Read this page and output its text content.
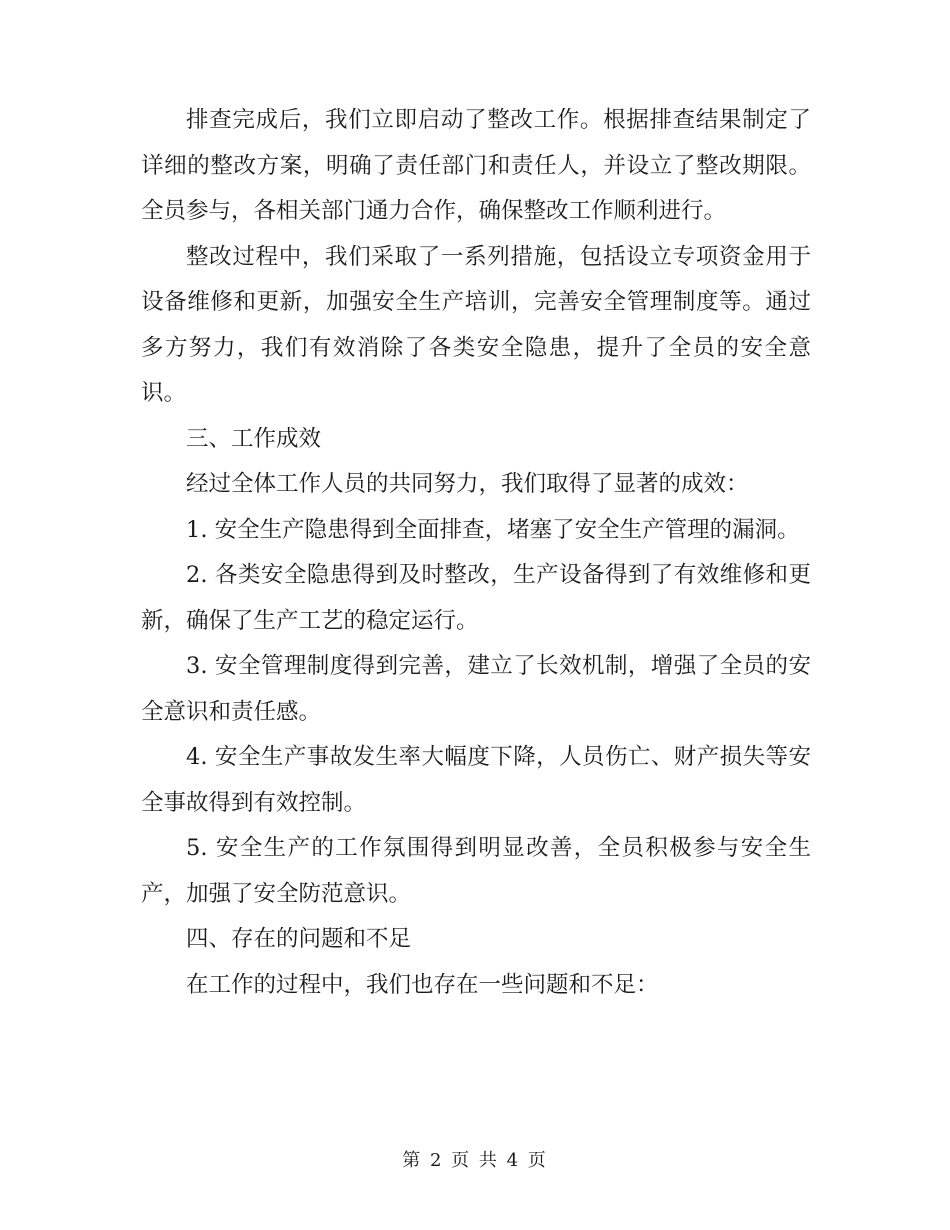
排查完成后，我们立即启动了整改工作。根据排查结果制定了详细的整改方案，明确了责任部门和责任人，并设立了整改期限。全员参与，各相关部门通力合作，确保整改工作顺利进行。

整改过程中，我们采取了一系列措施，包括设立专项资金用于设备维修和更新，加强安全生产培训，完善安全管理制度等。通过多方努力，我们有效消除了各类安全隐患，提升了全员的安全意识。

三、工作成效

经过全体工作人员的共同努力，我们取得了显著的成效：

1. 安全生产隐患得到全面排查，堵塞了安全生产管理的漏洞。

2. 各类安全隐患得到及时整改，生产设备得到了有效维修和更新，确保了生产工艺的稳定运行。

3. 安全管理制度得到完善，建立了长效机制，增强了全员的安全意识和责任感。

4. 安全生产事故发生率大幅度下降，人员伤亡、财产损失等安全事故得到有效控制。

5. 安全生产的工作氛围得到明显改善，全员积极参与安全生产，加强了安全防范意识。

四、存在的问题和不足

在工作的过程中，我们也存在一些问题和不足：

第 2 页 共 4 页
